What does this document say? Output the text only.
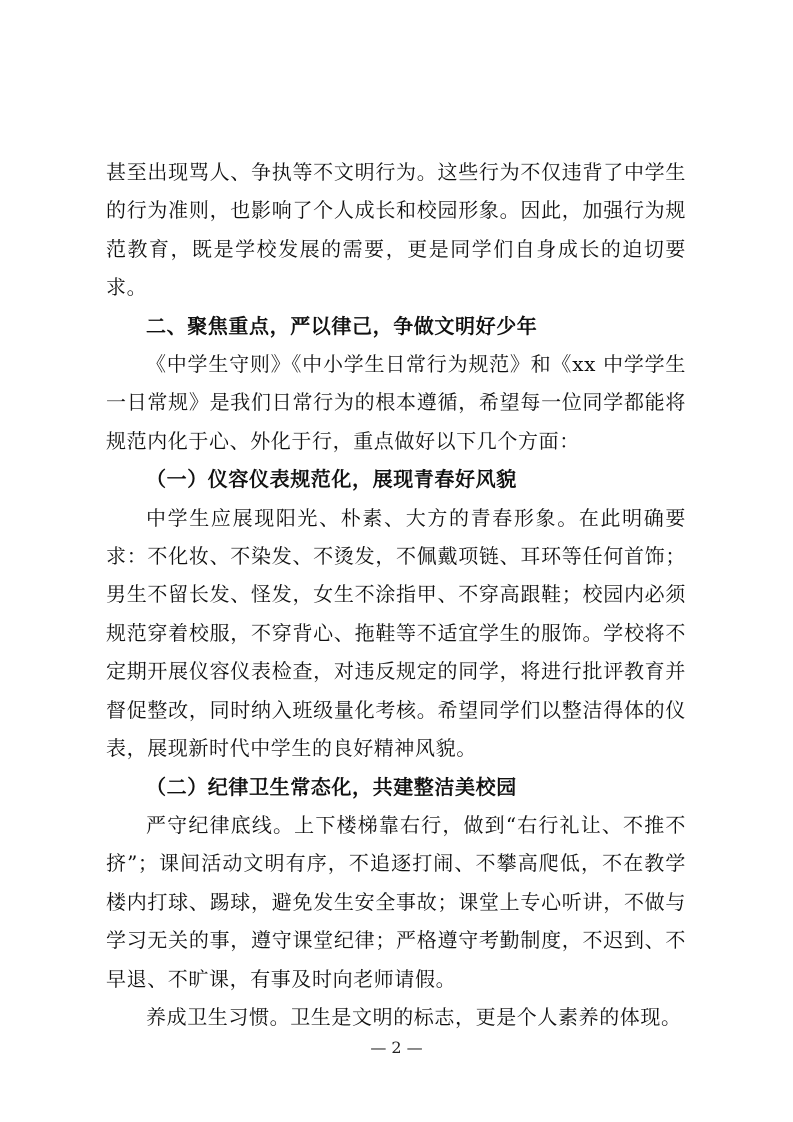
甚至出现骂人、争执等不文明行为。这些行为不仅违背了中学生的行为准则，也影响了个人成长和校园形象。因此，加强行为规范教育，既是学校发展的需要，更是同学们自身成长的迫切要求。

二、聚焦重点，严以律己，争做文明好少年

《中学生守则》《中小学生日常行为规范》和《xx 中学学生一日常规》是我们日常行为的根本遵循，希望每一位同学都能将规范内化于心、外化于行，重点做好以下几个方面：

（一）仪容仪表规范化，展现青春好风貌

中学生应展现阳光、朴素、大方的青春形象。在此明确要求：不化妆、不染发、不烫发，不佩戴项链、耳环等任何首饰；男生不留长发、怪发，女生不涂指甲、不穿高跟鞋；校园内必须规范穿着校服，不穿背心、拖鞋等不适宜学生的服饰。学校将不定期开展仪容仪表检查，对违反规定的同学，将进行批评教育并督促整改，同时纳入班级量化考核。希望同学们以整洁得体的仪表，展现新时代中学生的良好精神风貌。

（二）纪律卫生常态化，共建整洁美校园

严守纪律底线。上下楼梯靠右行，做到“右行礼让、不推不挤”；课间活动文明有序，不追逐打闹、不攀高爬低，不在教学楼内打球、踢球，避免发生安全事故；课堂上专心听讲，不做与学习无关的事，遵守课堂纪律；严格遵守考勤制度，不迟到、不早退、不旷课，有事及时向老师请假。

养成卫生习惯。卫生是文明的标志，更是个人素养的体现。

— 2 —
